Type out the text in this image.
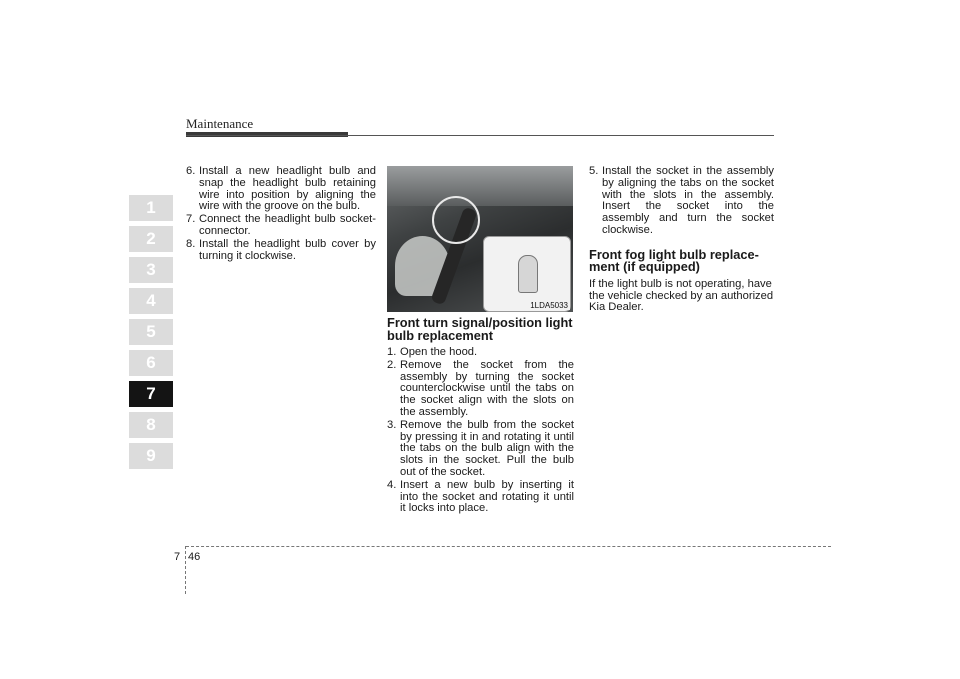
Maintenance
1
2
3
4
5
6
7
8
9
6. Install a new headlight bulb and snap the headlight bulb retaining wire into position by aligning the wire with the groove on the bulb.
7. Connect the headlight bulb socket-connector.
8. Install the headlight bulb cover by turning it clockwise.
1LDA5033
Front turn signal/position light bulb replacement
1. Open the hood.
2. Remove the socket from the assembly by turning the socket counterclockwise until the tabs on the socket align with the slots on the assembly.
3. Remove the bulb from the socket by pressing it in and rotating it until the tabs on the bulb align with the slots in the socket. Pull the bulb out of the socket.
4. Insert a new bulb by inserting it into the socket and rotating it until it locks into place.
5. Install the socket in the assembly by aligning the tabs on the socket with the slots in the assembly. Insert the socket into the assembly and turn the socket clockwise.
Front fog light bulb replace-ment (if equipped)
If the light bulb is not operating, have the vehicle checked by an authorized Kia Dealer.
7 46
